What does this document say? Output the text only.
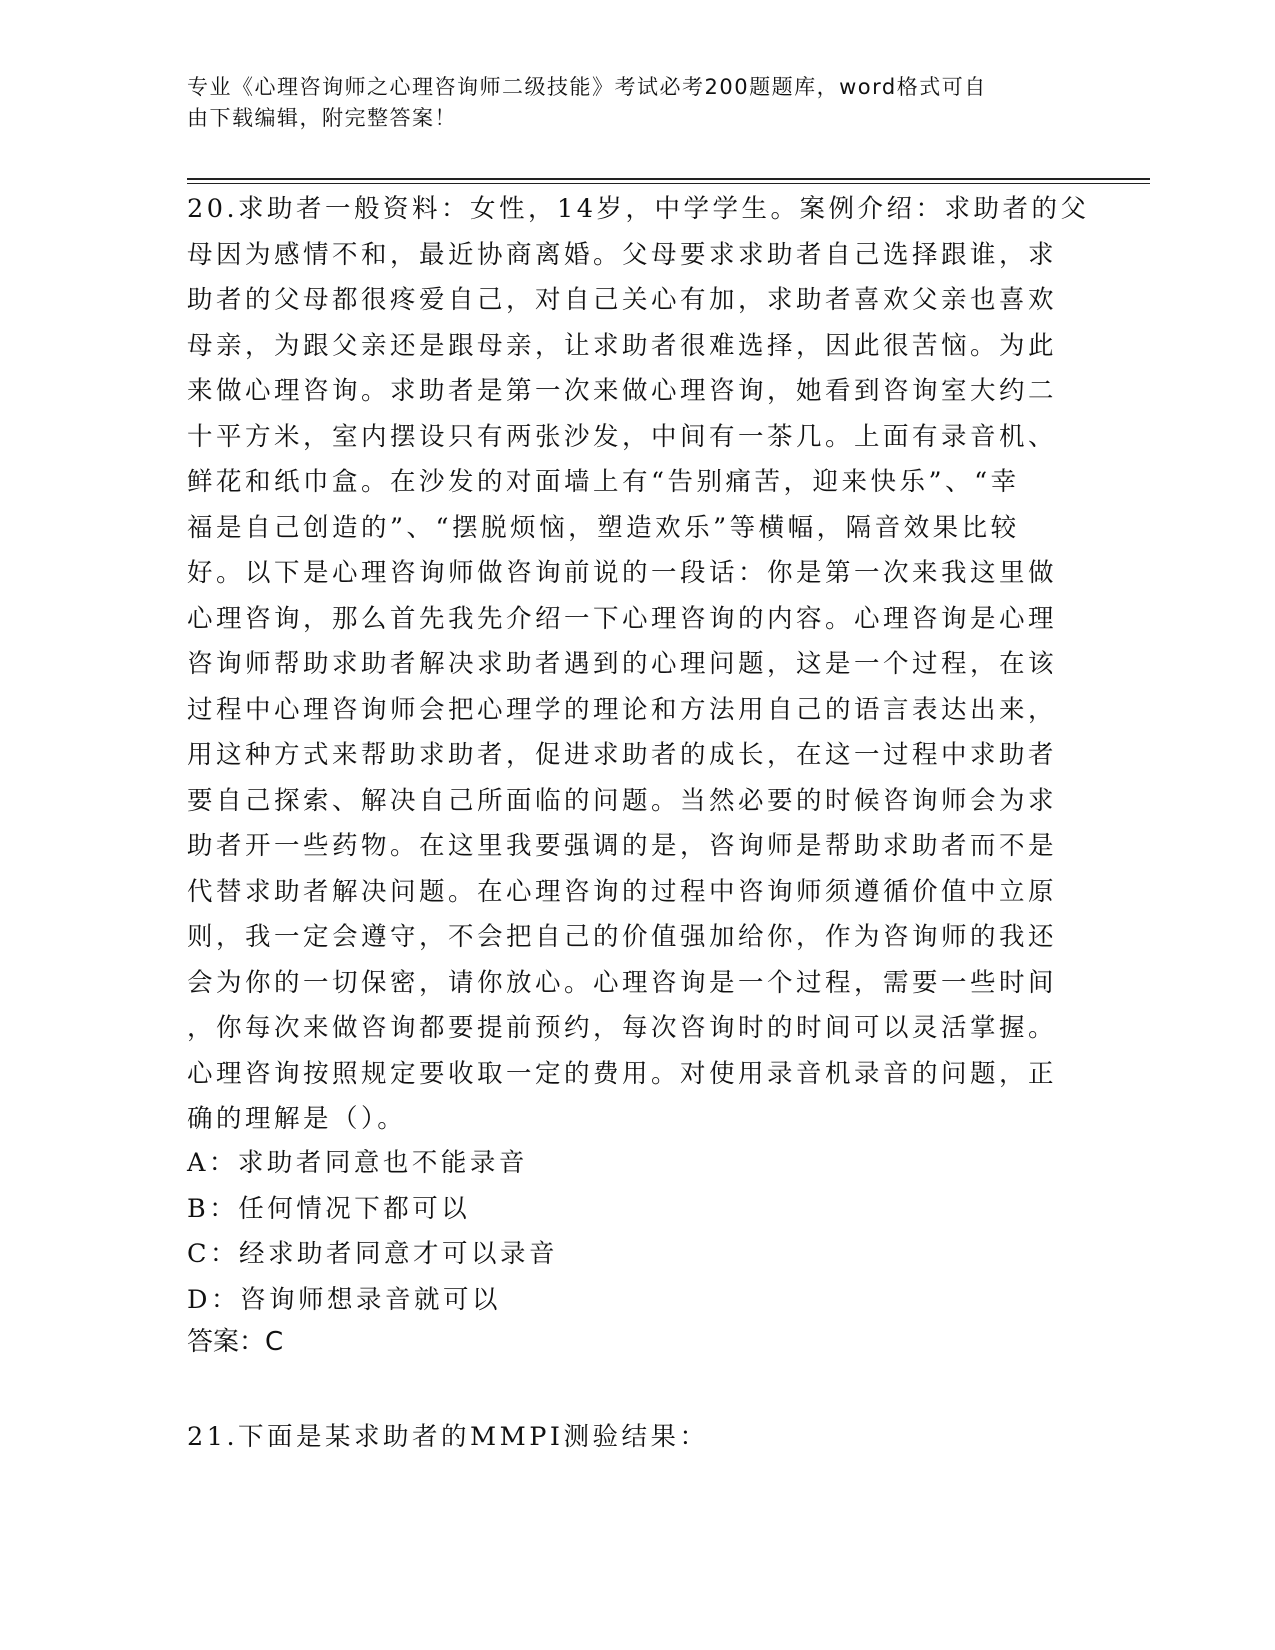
专业《心理咨询师之心理咨询师二级技能》考试必考200题题库，word格式可自
由下载编辑，附完整答案！

20.求助者一般资料：女性，14岁，中学学生。案例介绍：求助者的父

母因为感情不和，最近协商离婚。父母要求求助者自己选择跟谁，求

助者的父母都很疼爱自己，对自己关心有加，求助者喜欢父亲也喜欢

母亲，为跟父亲还是跟母亲，让求助者很难选择，因此很苦恼。为此

来做心理咨询。求助者是第一次来做心理咨询，她看到咨询室大约二

十平方米，室内摆设只有两张沙发，中间有一茶几。上面有录音机、

鲜花和纸巾盒。在沙发的对面墙上有“告别痛苦，迎来快乐”、“幸

福是自己创造的”、“摆脱烦恼，塑造欢乐”等横幅，隔音效果比较

好。以下是心理咨询师做咨询前说的一段话：你是第一次来我这里做

心理咨询，那么首先我先介绍一下心理咨询的内容。心理咨询是心理

咨询师帮助求助者解决求助者遇到的心理问题，这是一个过程，在该

过程中心理咨询师会把心理学的理论和方法用自己的语言表达出来，

用这种方式来帮助求助者，促进求助者的成长，在这一过程中求助者

要自己探索、解决自己所面临的问题。当然必要的时候咨询师会为求

助者开一些药物。在这里我要强调的是，咨询师是帮助求助者而不是

代替求助者解决问题。在心理咨询的过程中咨询师须遵循价值中立原

则，我一定会遵守，不会把自己的价值强加给你，作为咨询师的我还

会为你的一切保密，请你放心。心理咨询是一个过程，需要一些时间

，你每次来做咨询都要提前预约，每次咨询时的时间可以灵活掌握。

心理咨询按照规定要收取一定的费用。对使用录音机录音的问题，正

确的理解是（）。

A：求助者同意也不能录音
B：任何情况下都可以
C：经求助者同意才可以录音
D：咨询师想录音就可以
答案：C
21.下面是某求助者的MMPI测验结果：
